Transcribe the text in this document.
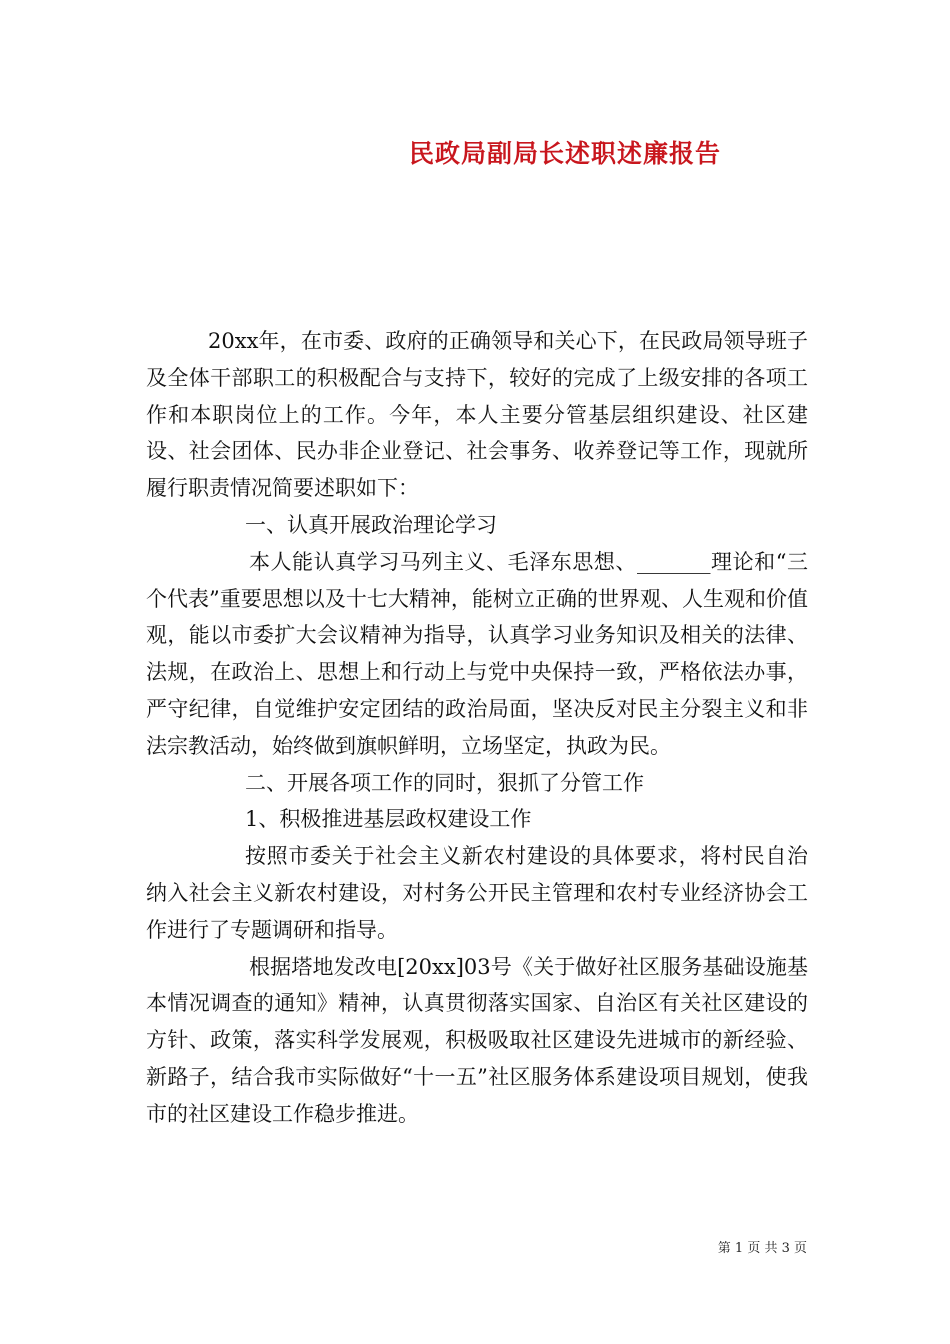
民政局副局长述职述廉报告

20xx年，在市委、政府的正确领导和关心下，在民政局领导班子及全体干部职工的积极配合与支持下，较好的完成了上级安排的各项工作和本职岗位上的工作。今年，本人主要分管基层组织建设、社区建设、社会团体、民办非企业登记、社会事务、收养登记等工作，现就所履行职责情况简要述职如下：

一、认真开展政治理论学习

本人能认真学习马列主义、毛泽东思想、_______理论和“三个代表”重要思想以及十七大精神，能树立正确的世界观、人生观和价值观，能以市委扩大会议精神为指导，认真学习业务知识及相关的法律、法规，在政治上、思想上和行动上与党中央保持一致，严格依法办事，严守纪律，自觉维护安定团结的政治局面，坚决反对民主分裂主义和非法宗教活动，始终做到旗帜鲜明，立场坚定，执政为民。

二、开展各项工作的同时，狠抓了分管工作

1、积极推进基层政权建设工作

按照市委关于社会主义新农村建设的具体要求，将村民自治纳入社会主义新农村建设，对村务公开民主管理和农村专业经济协会工作进行了专题调研和指导。

根据塔地发改电[20xx]03号《关于做好社区服务基础设施基本情况调查的通知》精神，认真贯彻落实国家、自治区有关社区建设的方针、政策，落实科学发展观，积极吸取社区建设先进城市的新经验、新路子，结合我市实际做好“十一五”社区服务体系建设项目规划，使我市的社区建设工作稳步推进。

第 1 页 共 3 页
